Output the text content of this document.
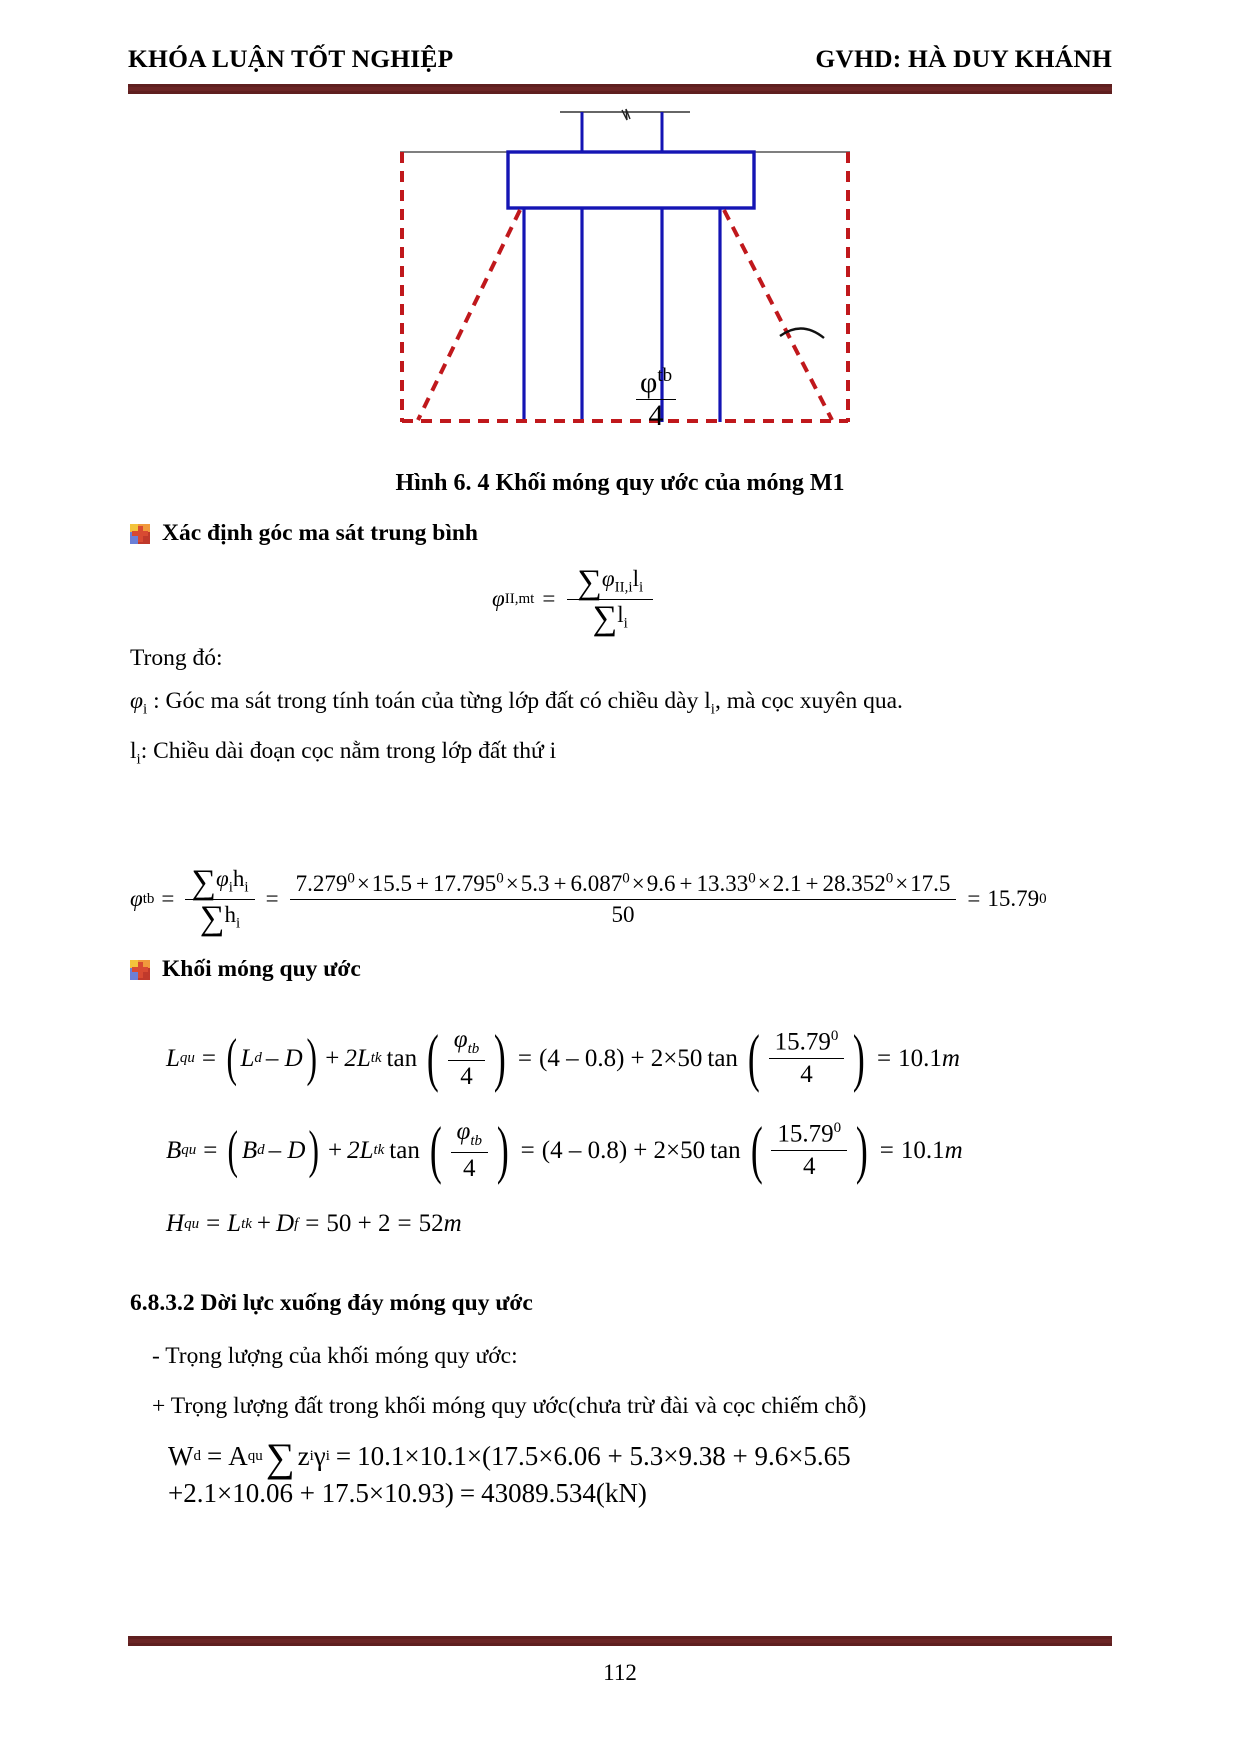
KHÓA LUẬN TỐT NGHIỆP	GVHD: HÀ DUY KHÁNH
$\varphi^{tb}$
4
Hình 6. 4 Khối móng quy ước của móng M1
Xác định góc ma sát trung bình
φ $II,mt = \frac{\sum\varphi_{II,i}l_i}{\sum l_i}$
Trong đó:
$\varphi_i$ : Góc ma sát trong tính toán của từng lớp đất có chiều dày $l_i$, mà cọc xuyên qua.
$l_i$: Chiều dài đoạn cọc nằm trong lớp đất thứ i
φ tb = $\frac{\sum\varphi_ih_i}{\sum h_i} = \frac{7.279^0\times 15.5 + 17.795^0\times 5.3 + 6.087^0\times 9.6 + 13.33^0\times 2.1 + 28.352^0\times 17.5}{50} = 15.79$ 0
Khối móng quy ước
L qu = ( L d – D ) + 2L tk tan ( $\frac{\varphi_{tb}}{4}$ ) = (4 – 0.8) + 2×50 tan ( $\frac{15.79^0}{4}$ ) = 10.1 m
B qu = ( B d – D ) + 2L tk tan ( $\frac{\varphi_{tb}}{4}$ ) = (4 – 0.8) + 2×50 tan ( $\frac{15.79^0}{4}$ ) = 10.1 m
H qu = L tk + D f = 50 + 2 = 52 m
6.8.3.2 Dời lực xuống đáy móng quy ước
- Trọng lượng của khối móng quy ước:
+ Trọng lượng đất trong khối móng quy ước(chưa trừ đài và cọc chiếm chỗ)
W d = A qu ∑ z i γ i = 10.1×10.1×(17.5×6.06 + 5.3×9.38 + 9.6×5.65
+2.1×10.06 + 17.5×10.93) = 43089.534(kN)
112
